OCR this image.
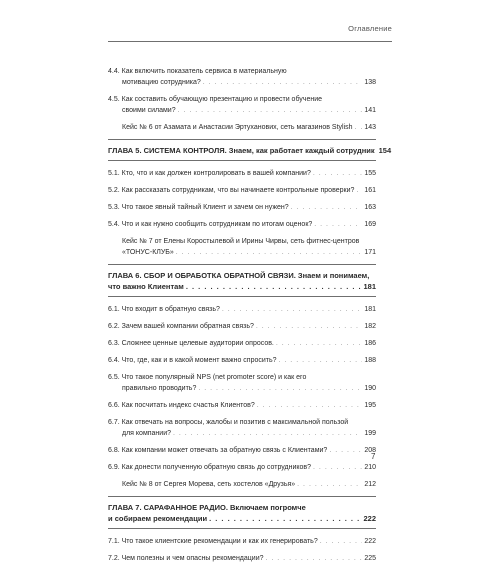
Оглавление
4.4. Как включить показатель сервиса в материальную
мотивацию сотрудника? . . .	138
4.5. Как составить обучающую презентацию и провести обучение
своими силами? . . .	141
Кейс № 6 от Азамата и Анастасии Эртуханових, сеть магазинов Stylish . . . 143
ГЛАВА 5. СИСТЕМА КОНТРОЛЯ. Знаем, как работает каждый сотрудник 154
5.1. Кто, что и как должен контролировать в вашей компании? . . .	155
5.2. Как рассказать сотрудникам, что вы начинаете контрольные проверки? . . . 161
5.3. Что такое явный тайный Клиент и зачем он нужен? . . .	163
5.4. Что и как нужно сообщить сотрудникам по итогам оценок? . . .	169
Кейс № 7 от Елены Коростылевой и Ирины Чирвы, сеть фитнес-центров
«ТОНУС-КЛУБ» . . .	171
ГЛАВА 6. СБОР И ОБРАБОТКА ОБРАТНОЙ СВЯЗИ. Знаем и понимаем,
что важно Клиентам . . .	181
6.1. Что входит в обратную связь? . . .	181
6.2. Зачем вашей компании обратная связь? . . .	182
6.3. Сложнее ценные целевые аудитории опросов. . . .	186
6.4. Что, где, как и в какой момент важно спросить? . . .	188
6.5. Что такое популярный NPS (net promoter score) и как его
правильно проводить? . . .	190
6.6. Как посчитать индекс счастья Клиентов? . . .	195
6.7. Как отвечать на вопросы, жалобы и позитив с максимальной пользой
для компании? . . .	199
6.8. Как компании может отвечать за обратную связь с Клиентами? . . .	208
6.9. Как донести полученную обратную связь до сотрудников? . . .	210
Кейс № 8 от Сергея Морева, сеть хостелов «Друзья» . . .	212
ГЛАВА 7. САРАФАННОЕ РАДИО. Включаем погромче
и собираем рекомендации . . .	222
7.1. Что такое клиентские рекомендации и как их генерировать? . . .	222
7.2. Чем полезны и чем опасны рекомендации? . . .	225
7
